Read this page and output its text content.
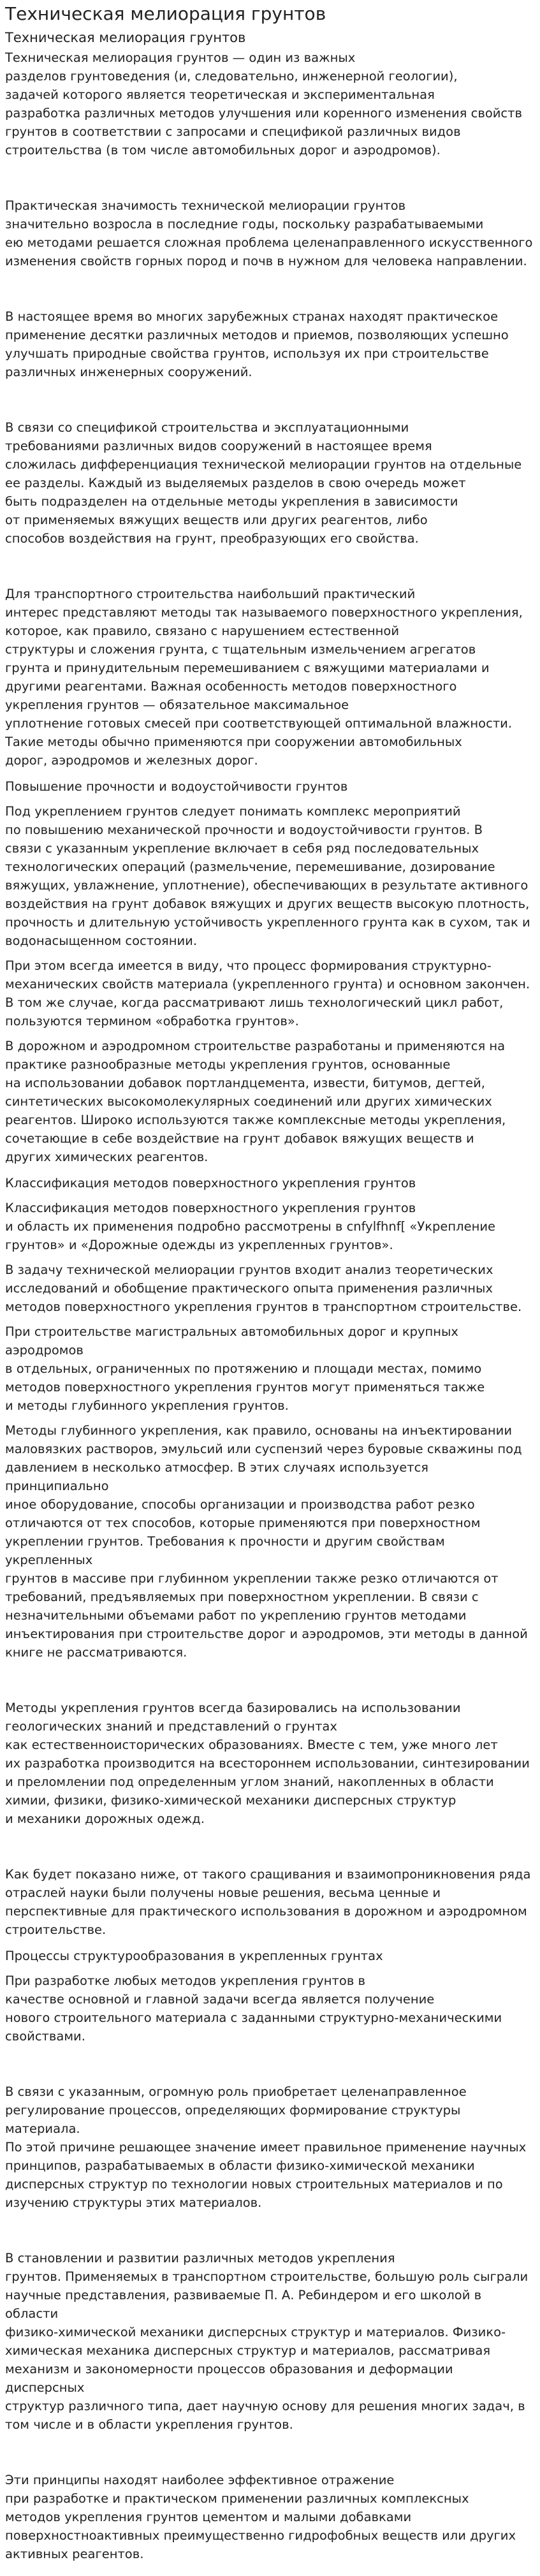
Техническая мелиорация грунтов
Техническая мелиорация грунтов
Техническая мелиорация грунтов — один из важных
разделов грунтоведения (и, следовательно, инженерной геологии),
задачей которого является теоретическая и экспериментальная
разработка различных методов улучшения или коренного изменения свойств
грунтов в соответствии с запросами и спецификой различных видов
строительства (в том числе автомобильных дорог и аэродромов).
Практическая значимость технической мелиорации грунтов
значительно возросла в последние годы, поскольку разрабатываемыми
ею методами решается сложная проблема целенаправленного искусственного
изменения свойств горных пород и почв в нужном для человека направлении.
В настоящее время во многих зарубежных странах находят практическое
применение десятки различных методов и приемов, позволяющих успешно
улучшать природные свойства грунтов, используя их при строительстве
различных инженерных сооружений.
В связи со спецификой строительства и эксплуатационными
требованиями различных видов сооружений в настоящее время
сложилась дифференциация технической мелиорации грунтов на отдельные
ее разделы. Каждый из выделяемых разделов в свою очередь может
быть подразделен на отдельные методы укрепления в зависимости
от применяемых вяжущих веществ или других реагентов, либо
способов воздействия на грунт, преобразующих его свойства.
Для транспортного строительства наибольший практический
интерес представляют методы так называемого поверхностного укрепления,
которое, как правило, связано с нарушением естественной
структуры и сложения грунта, с тщательным измельчением агрегатов
грунта и принудительным перемешиванием с вяжущими материалами и
другими реагентами. Важная особенность методов поверхностного
укрепления грунтов — обязательное максимальное
уплотнение готовых смесей при соответствующей оптимальной влажности.
Такие методы обычно применяются при сооружении автомобильных
дорог, аэродромов и железных дорог.
Повышение прочности и водоустойчивости грунтов
Под укреплением грунтов следует понимать комплекс мероприятий
по повышению механической прочности и водоустойчивости грунтов. В
связи с указанным укрепление включает в себя ряд последовательных
технологических операций (размельчение, перемешивание, дозирование
вяжущих, увлажнение, уплотнение), обеспечивающих в результате активного
воздействия на грунт добавок вяжущих и других веществ высокую плотность,
прочность и длительную устойчивость укрепленного грунта как в сухом, так и
водонасыщенном состоянии.
При этом всегда имеется в виду, что процесс формирования структурно-
механических свойств материала (укрепленного грунта) и основном закончен.
В том же случае, когда рассматривают лишь технологический цикл работ,
пользуются термином «обработка грунтов».
В дорожном и аэродромном строительстве разработаны и применяются на
практике разнообразные методы укрепления грунтов, основанные
на использовании добавок портландцемента, извести, битумов, дегтей,
синтетических высокомолекулярных соединений или других химических
реагентов. Широко используются также комплексные методы укрепления,
сочетающие в себе воздействие на грунт добавок вяжущих веществ и
других химических реагентов.
Классификация методов поверхностного укрепления грунтов
Классификация методов поверхностного укрепления грунтов
и область их применения подробно рассмотрены в cnfylfhnf[ «Укрепление
грунтов» и «Дорожные одежды из укрепленных грунтов».
В задачу технической мелиорации грунтов входит анализ теоретических
исследований и обобщение практического опыта применения различных
методов поверхностного укрепления грунтов в транспортном строительстве.
При строительстве магистральных автомобильных дорог и крупных аэродромов
в отдельных, ограниченных по протяжению и площади местах, помимо
методов поверхностного укрепления грунтов могут применяться также
и методы глубинного укрепления грунтов.
Методы глубинного укрепления, как правило, основаны на инъектировании
маловязких растворов, эмульсий или суспензий через буровые скважины под
давлением в несколько атмосфер. В этих случаях используется принципиально
иное оборудование, способы организации и производства работ резко
отличаются от тех способов, которые применяются при поверхностном
укреплении грунтов. Требования к прочности и другим свойствам укрепленных
грунтов в массиве при глубинном укреплении также резко отличаются от
требований, предъявляемых при поверхностном укреплении. В связи с
незначительными объемами работ по укреплению грунтов методами
инъектирования при строительстве дорог и аэродромов, эти методы в данной
книге не рассматриваются.
Методы укрепления грунтов всегда базировались на использовании
геологических знаний и представлений о грунтах
как естественноисторических образованиях. Вместе с тем, уже много лет
их разработка производится на всестороннем использовании, синтезировании
и преломлении под определенным углом знаний, накопленных в области
химии, физики, физико-химической механики дисперсных структур
и механики дорожных одежд.
Как будет показано ниже, от такого сращивания и взаимопроникновения ряда
отраслей науки были получены новые решения, весьма ценные и
перспективные для практического использования в дорожном и аэродромном
строительстве.
Процессы структурообразования в укрепленных грунтах
При разработке любых методов укрепления грунтов в
качестве основной и главной задачи всегда является получение
нового строительного материала с заданными структурно-механическими
свойствами.
В связи с указанным, огромную роль приобретает целенаправленное
регулирование процессов, определяющих формирование структуры материала.
По этой причине решающее значение имеет правильное применение научных
принципов, разрабатываемых в области физико-химической механики
дисперсных структур по технологии новых строительных материалов и по
изучению структуры этих материалов.
В становлении и развитии различных методов укрепления
грунтов. Применяемых в транспортном строительстве, большую роль сыграли
научные представления, развиваемые П. А. Ребиндером и его школой в области
физико-химической механики дисперсных структур и материалов. Физико-
химическая механика дисперсных структур и материалов, рассматривая
механизм и закономерности процессов образования и деформации дисперсных
структур различного типа, дает научную основу для решения многих задач, в
том числе и в области укрепления грунтов.
Эти принципы находят наиболее эффективное отражение
при разработке и практическом применении различных комплексных
методов укрепления грунтов цементом и малыми добавками
поверхностноактивных преимущественно гидрофобных веществ или других
активных реагентов.
